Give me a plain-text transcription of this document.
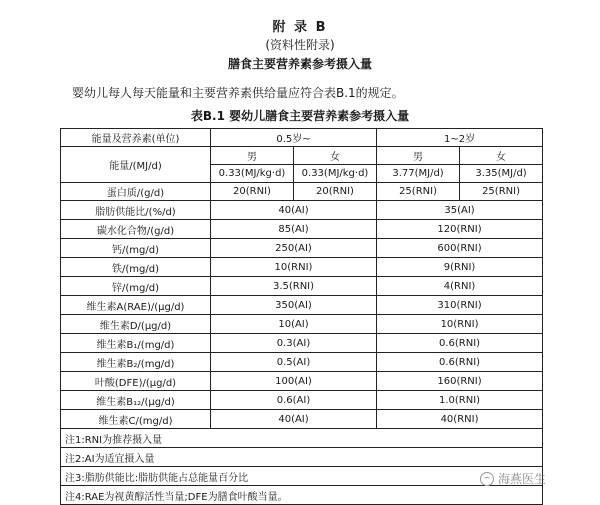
附 录 B
(资料性附录)
膳食主要营养素参考摄入量
婴幼儿每人每天能量和主要营养素供给量应符合表B.1的规定。
表B.1 婴幼儿膳食主要营养素参考摄入量
能量及营养素(单位)	0.5岁~		1~2岁	
能量/(MJ/d)	男	女	男	女
	0.33(MJ/kg·d)	0.33(MJ/kg·d)	3.77(MJ/d)	3.35(MJ/d)
蛋白质/(g/d)	20(RNI)	20(RNI)	25(RNI)	25(RNI)
脂肪供能比/(%/d)	40(AI)		35(AI)	
碳水化合物/(g/d)	85(AI)		120(RNI)	
钙/(mg/d)	250(AI)		600(RNI)	
铁/(mg/d)	10(RNI)		9(RNI)	
锌/(mg/d)	3.5(RNI)		4(RNI)	
维生素A(RAE)/(μg/d)	350(AI)		310(RNI)	
维生素D/(μg/d)	10(AI)		10(RNI)	
维生素B₁/(mg/d)	0.3(AI)		0.6(RNI)	
维生素B₂/(mg/d)	0.5(AI)		0.6(RNI)	
叶酸(DFE)/(μg/d)	100(AI)		160(RNI)	
维生素B₁₂/(μg/d)	0.6(AI)		1.0(RNI)	
维生素C/(mg/d)	40(AI)		40(RNI)	
注1:RNI为推荐摄入量				
注2:AI为适宜摄入量				
注3:脂肪供能比:脂肪供能占总能量百分比				
注4:RAE为视黄醇活性当量;DFE为膳食叶酸当量。				
海燕医生
